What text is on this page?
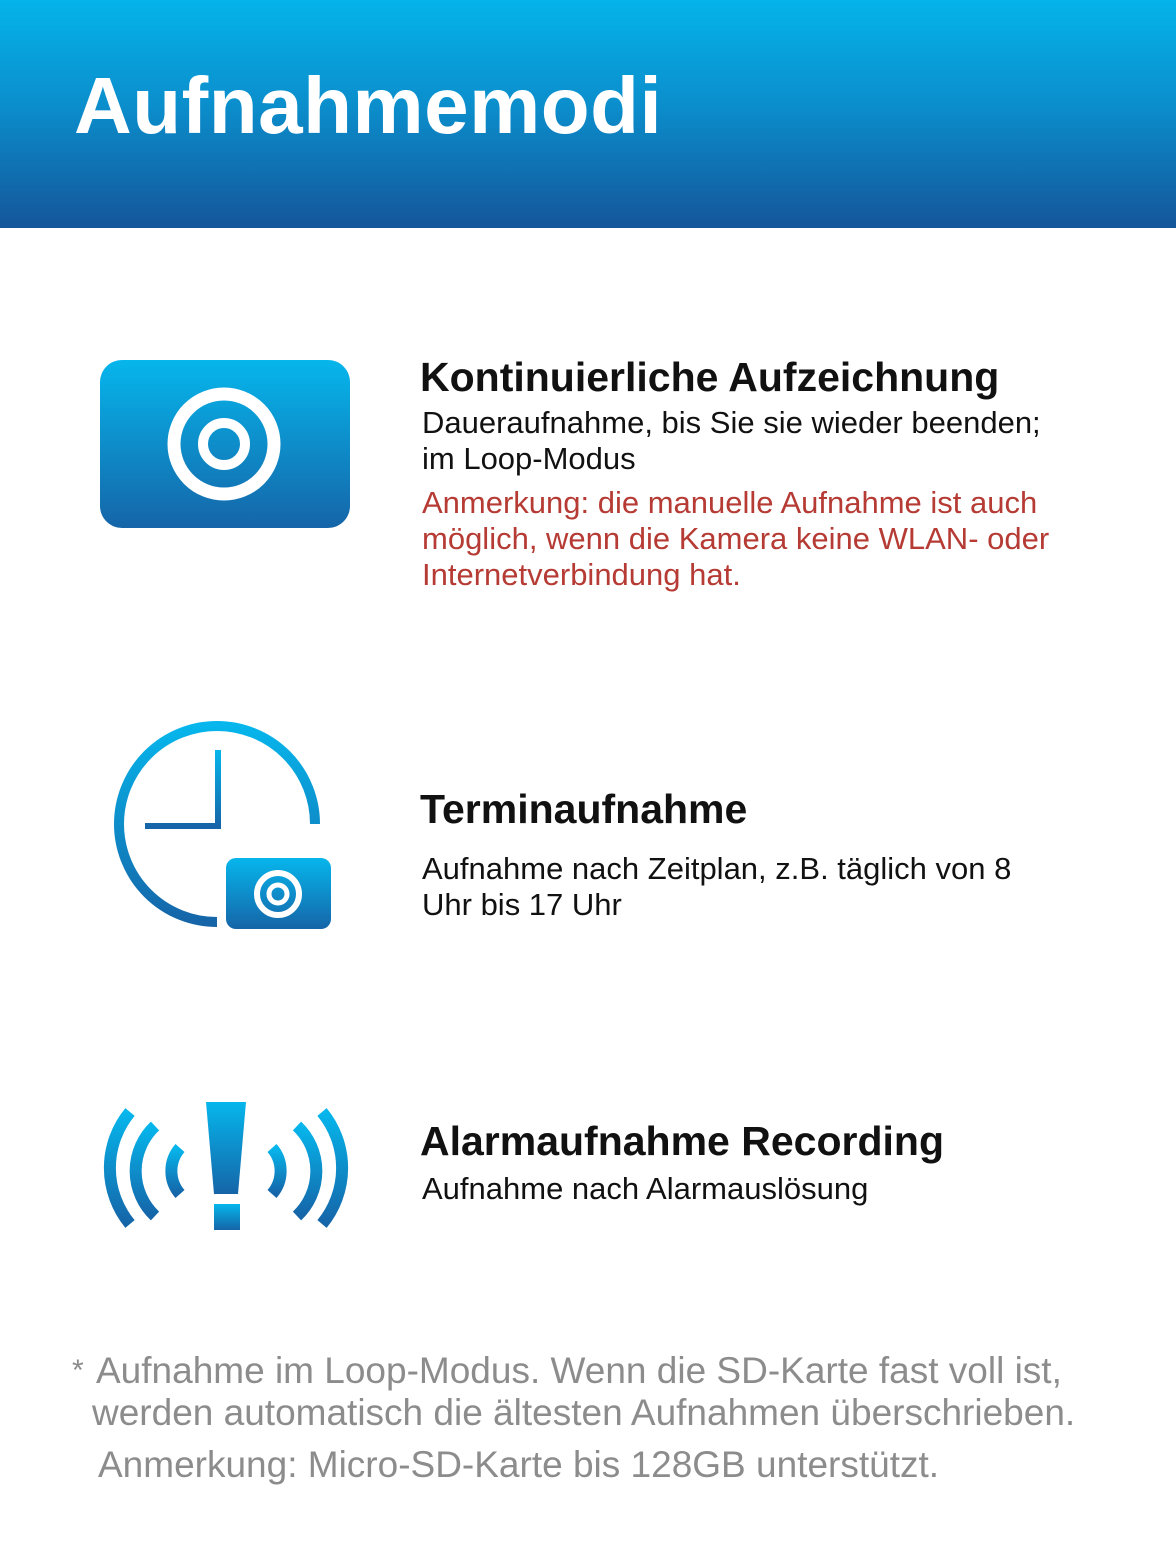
Aufnahmemodi
Kontinuierliche Aufzeichnung
Daueraufnahme, bis Sie sie wieder beenden;
im Loop-Modus
Anmerkung: die manuelle Aufnahme ist auch
möglich, wenn die Kamera keine WLAN- oder
Internetverbindung hat.
Terminaufnahme
Aufnahme nach Zeitplan, z.B. täglich von 8
Uhr bis 17 Uhr
Alarmaufnahme Recording
Aufnahme nach Alarmauslösung
* Aufnahme im Loop-Modus. Wenn die SD-Karte fast voll ist,
werden automatisch die ältesten Aufnahmen überschrieben.
Anmerkung: Micro-SD-Karte bis 128GB unterstützt.
